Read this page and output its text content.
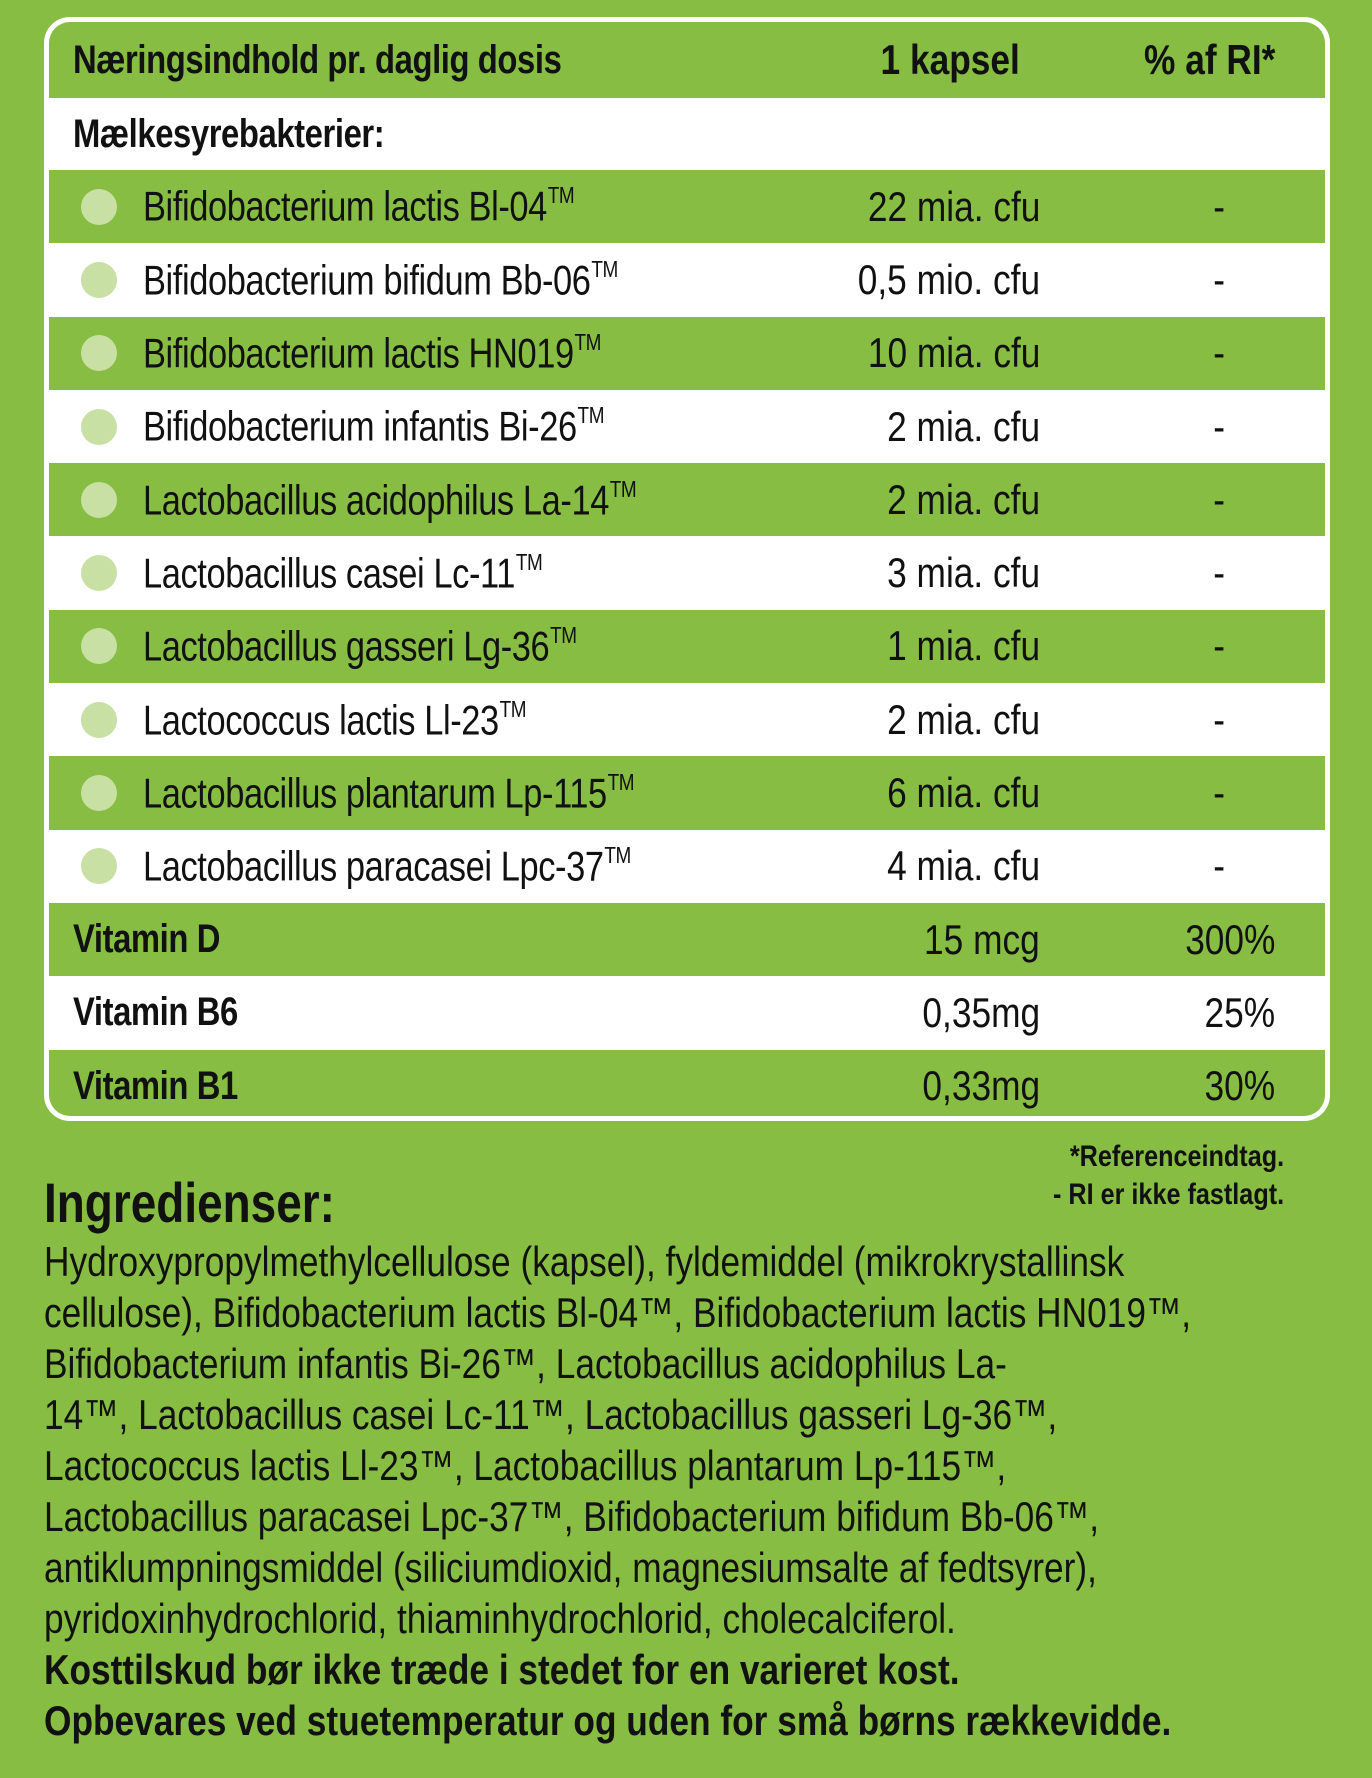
Næringsindhold pr. daglig dosis	1 kapsel	% af RI*
Mælkesyrebakterier:
Bifidobacterium lactis Bl-04™	22 mia. cfu	-
Bifidobacterium bifidum Bb-06™	0,5 mio. cfu	-
Bifidobacterium lactis HN019™	10 mia. cfu	-
Bifidobacterium infantis Bi-26™	2 mia. cfu	-
Lactobacillus acidophilus La-14™	2 mia. cfu	-
Lactobacillus casei Lc-11™	3 mia. cfu	-
Lactobacillus gasseri Lg-36™	1 mia. cfu	-
Lactococcus lactis Ll-23™	2 mia. cfu	-
Lactobacillus plantarum Lp-115™	6 mia. cfu	-
Lactobacillus paracasei Lpc-37™	4 mia. cfu	-
Vitamin D	15 mcg	300%
Vitamin B6	0,35mg	25%
Vitamin B1	0,33mg	30%
*Referenceindtag.
- RI er ikke fastlagt.
Ingredienser:
Hydroxypropylmethylcellulose (kapsel), fyldemiddel (mikrokrystallinsk
cellulose), Bifidobacterium lactis Bl-04™, Bifidobacterium lactis HN019™,
Bifidobacterium infantis Bi-26™, Lactobacillus acidophilus La-
14™, Lactobacillus casei Lc-11™, Lactobacillus gasseri Lg-36™,
Lactococcus lactis Ll-23™, Lactobacillus plantarum Lp-115™,
Lactobacillus paracasei Lpc-37™, Bifidobacterium bifidum Bb-06™,
antiklumpningsmiddel (siliciumdioxid, magnesiumsalte af fedtsyrer),
pyridoxinhydrochlorid, thiaminhydrochlorid, cholecalciferol.
Kosttilskud bør ikke træde i stedet for en varieret kost.
Opbevares ved stuetemperatur og uden for små børns rækkevidde.
